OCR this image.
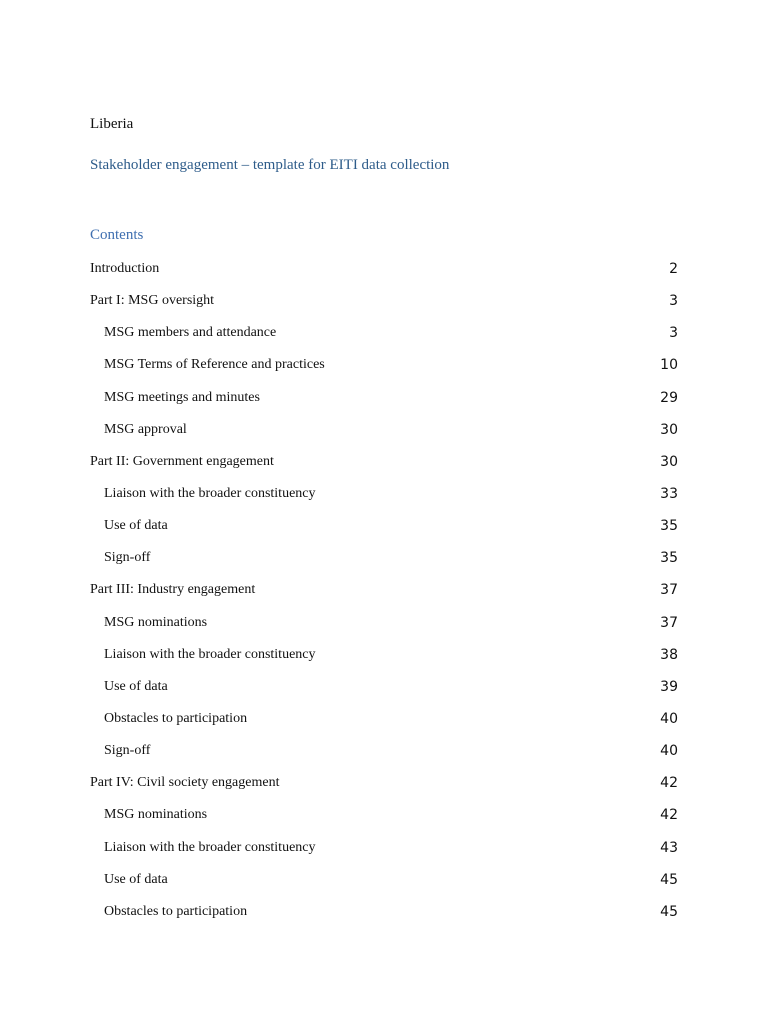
Liberia
Stakeholder engagement – template for EITI data collection
Contents
Introduction	2
Part I: MSG oversight	3
MSG members and attendance	3
MSG Terms of Reference and practices	10
MSG meetings and minutes	29
MSG approval	30
Part II: Government engagement	30
Liaison with the broader constituency	33
Use of data	35
Sign-off	35
Part III: Industry engagement	37
MSG nominations	37
Liaison with the broader constituency	38
Use of data	39
Obstacles to participation	40
Sign-off	40
Part IV: Civil society engagement	42
MSG nominations	42
Liaison with the broader constituency	43
Use of data	45
Obstacles to participation	45
